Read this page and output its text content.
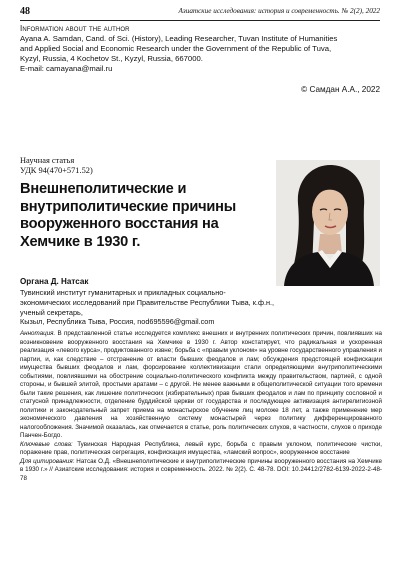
48	Азиатские исследования: история и современность. № 2(2), 2022
Information about the author
Ayana A. Samdan, Cand. of Sci. (History), Leading Researcher, Tuvan Institute of Humanities
and Applied Social and Economic Research under the Government of the Republic of Tuva,
Kyzyl, Russia, 4 Kochetov St., Kyzyl, Russia, 667000.
E-mail: camayana@mail.ru
© Самдан А.А., 2022
Научная статья
УДК 94(470+571.52)
Внешнеполитические и
внутриполитические причины
вооруженного восстания на
Хемчике в 1930 г.
Органа Д. Натсак
Тувинский институт гуманитарных и прикладных социально-
экономических исследований при Правительстве Республики Тыва, к.ф.н., ученый секретарь,
Кызыл, Республика Тыва, Россия, nod695596@gmail.com

Аннотация. В представленной статье исследуется комплекс внешних и внутренних политических причин, повлиявших на возникновение вооруженного восстания на Хемчике в 1930 г. Автор констатирует, что радикальная и ускоренная реализация «левого курса», продиктованного извне; борьба с «правым уклоном» на уровне государственного управления и партии, и, как следствие – отстранение от власти бывших феодалов и лам; обсуждения предстоящей конфискации имущества бывших феодалов и лам, форсирование коллективизации стали определяющими внутриполитическими событиями, повлиявшими на обострение социально-политического конфликта между правительством, партией, с одной стороны, и бывшей элитой, простыми аратами – с другой. Не менее важными в общеполитической ситуации того времени были такие решения, как лишение политических (избирательных) прав бывших феодалов и лам по принципу сословной и статусной принадлежности, отделение буддийской церкви от государства и последующее активизация антирелигиозной политики и законодательный запрет приема на монастырское обучение лиц моложе 18 лет, а также применение мер экономического давления на хозяйственную систему монастырей через политику дифференцированного налогообложения. Значимой оказалась, как отмечается в статье, роль политических слухов, в частности, слухов о приходе Панчен-Богдо.

Ключевые слова: Тувинская Народная Республика, левый курс, борьба с правым уклоном, политические чистки, поражение прав, политическая сегрегация, конфискация имущества, «ламский вопрос», вооруженное восстание

Для цитирования: Натсак О.Д. «Внешнеполитические и внутриполитические причины вооруженного восстания на Хемчике в 1930 г.» // Азиатские исследования: история и современность. 2022. № 2(2). С. 48-78. DOI: 10.24412/2782-6139-2022-2-48-78
